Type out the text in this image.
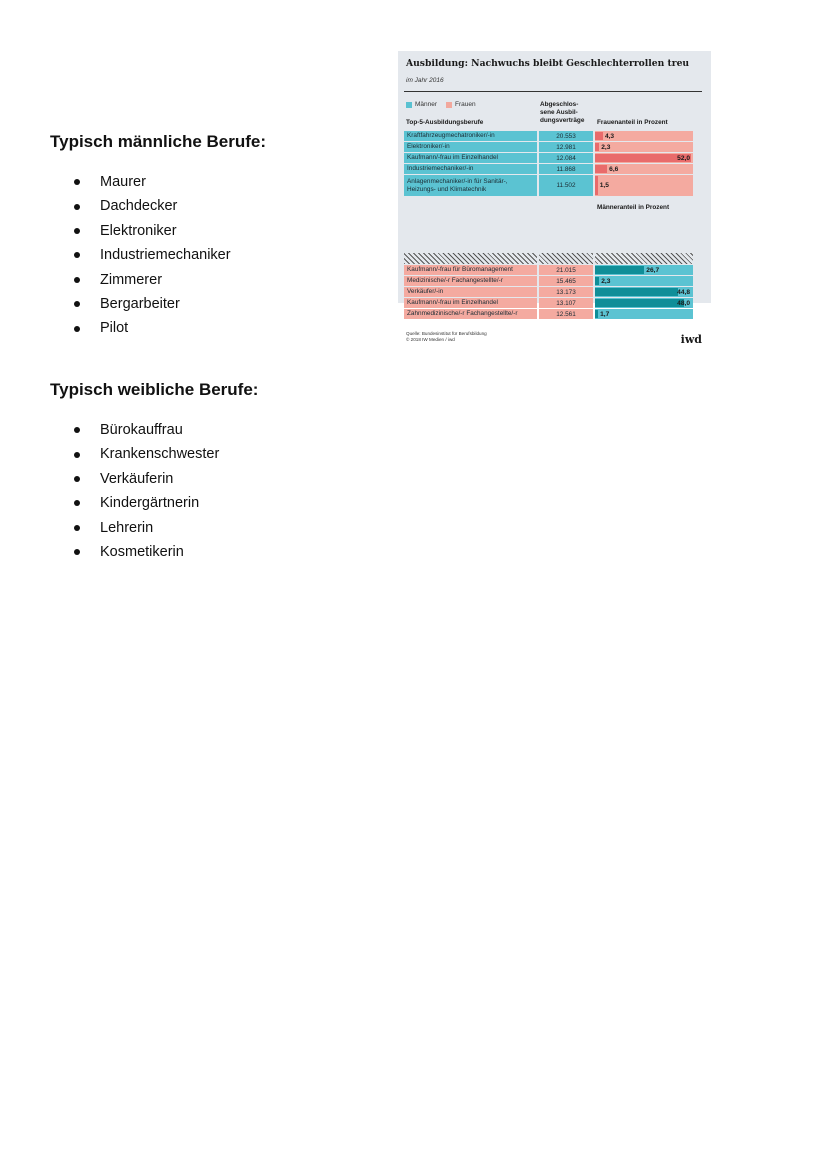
Typisch männliche Berufe:
Maurer
Dachdecker
Elektroniker
Industriemechaniker
Zimmerer
Bergarbeiter
Pilot
Typisch weibliche Berufe:
Bürokauffrau
Krankenschwester
Verkäuferin
Kindergärtnerin
Lehrerin
Kosmetikerin
Ausbildung: Nachwuchs bleibt Geschlechterrollen treu
im Jahr 2016
Männer	Frauen
Top-5-Ausbildungsberufe
Abgeschlos-
sene Ausbil-
dungsverträge Frauenanteil in Prozent
Männeranteil in Prozent
Quelle: Bundesinstitut für Berufsbildung
© 2018 IW Medien / iwd	iwd
Kraftfahrzeugmechatroniker/-in	20.553	4,3
Elektroniker/-in	12.981	2,3
Kaufmann/-frau im Einzelhandel	12.084	52,0
Industriemechaniker/-in	11.868	6,6
Anlagenmechaniker/-in für Sanitär-, Heizungs- und Klimatechnik	11.502	1,5
Kaufmann/-frau für Büromanagement	21.015	26,7
Medizinische/-r Fachangestellte/-r	15.465	2,3
Verkäufer/-in	13.173	44,8
Kaufmann/-frau im Einzelhandel	13.107	48,0
Zahnmedizinische/-r Fachangestellte/-r	12.561	1,7
